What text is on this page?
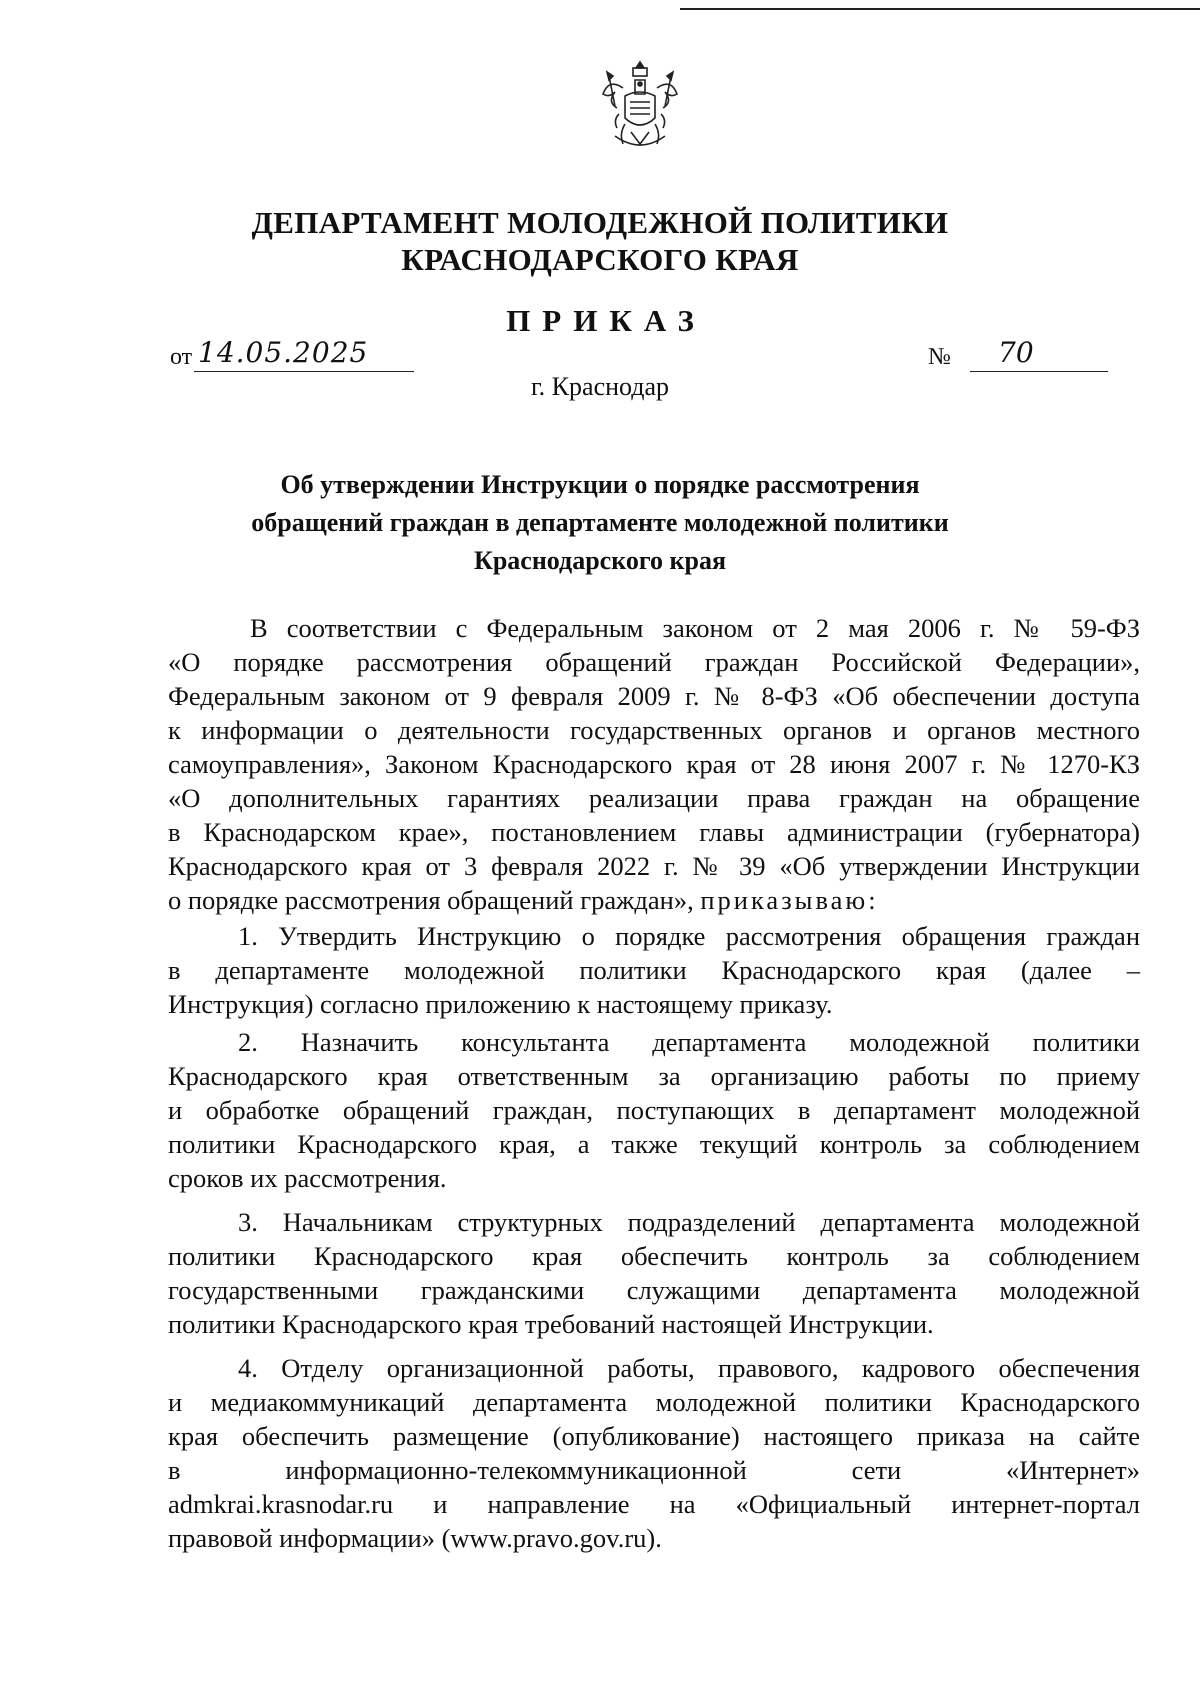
ДЕПАРТАМЕНТ МОЛОДЕЖНОЙ ПОЛИТИКИ
КРАСНОДАРСКОГО КРАЯ
ПРИКАЗ
от 14.05.2025	№ 70
г. Краснодар
Об утверждении Инструкции о порядке рассмотрения
обращений граждан в департаменте молодежной политики
Краснодарского края
В соответствии с Федеральным законом от 2 мая 2006 г. № 59-ФЗ
«О порядке рассмотрения обращений граждан Российской Федерации»,
Федеральным законом от 9 февраля 2009 г. № 8-ФЗ «Об обеспечении доступа
к информации о деятельности государственных органов и органов местного
самоуправления», Законом Краснодарского края от 28 июня 2007 г. № 1270-КЗ
«О дополнительных гарантиях реализации права граждан на обращение
в Краснодарском крае», постановлением главы администрации (губернатора)
Краснодарского края от 3 февраля 2022 г. № 39 «Об утверждении Инструкции
о порядке рассмотрения обращений граждан», приказываю:
1. Утвердить Инструкцию о порядке рассмотрения обращения граждан
в департаменте молодежной политики Краснодарского края (далее –
Инструкция) согласно приложению к настоящему приказу.
2. Назначить консультанта департамента молодежной политики
Краснодарского края ответственным за организацию работы по приему
и обработке обращений граждан, поступающих в департамент молодежной
политики Краснодарского края, а также текущий контроль за соблюдением
сроков их рассмотрения.
3. Начальникам структурных подразделений департамента молодежной
политики Краснодарского края обеспечить контроль за соблюдением
государственными гражданскими служащими департамента молодежной
политики Краснодарского края требований настоящей Инструкции.
4. Отделу организационной работы, правового, кадрового обеспечения
и медиакоммуникаций департамента молодежной политики Краснодарского
края обеспечить размещение (опубликование) настоящего приказа на сайте
в информационно-телекоммуникационной сети «Интернет»
admkrai.krasnodar.ru и направление на «Официальный интернет-портал
правовой информации» (www.pravo.gov.ru).
